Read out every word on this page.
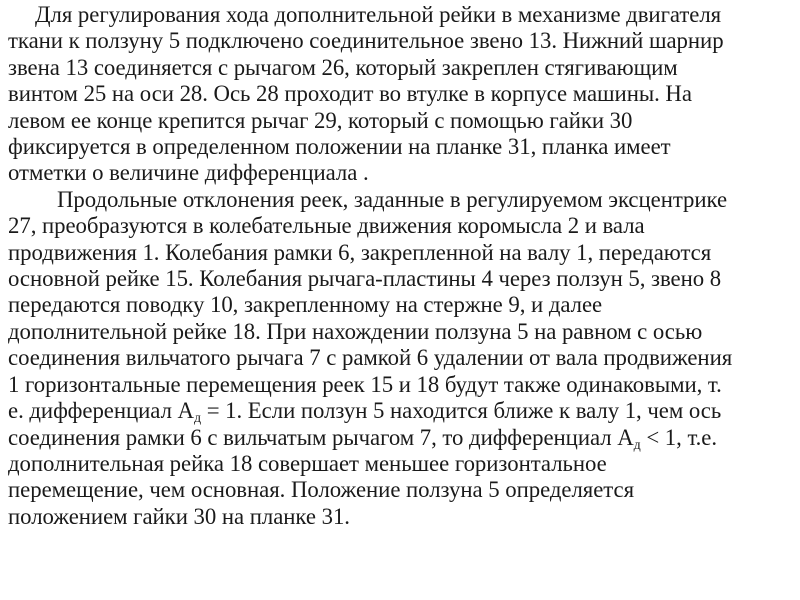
Для регулирования хода дополнительной рейки в механизме двигателя
ткани к ползуну 5 подключено соединительное звено 13. Нижний шарнир
звена 13 соединяется с рычагом 26, который закреплен стягивающим
винтом 25 на оси 28. Ось 28 проходит во втулке в корпусе машины. На
левом ее конце крепится рычаг 29, который с помощью гайки 30
фиксируется в определенном положении на планке 31, планка имеет
отметки о величине дифференциала .

Продольные отклонения реек, заданные в регулируемом эксцентрике
27, преобразуются в колебательные движения коромысла 2 и вала
продвижения 1. Колебания рамки 6, закрепленной на валу 1, передаются
основной рейке 15. Колебания рычага-пластины 4 через ползун 5, звено 8
передаются поводку 10, закрепленному на стержне 9, и далее
дополнительной рейке 18. При нахождении ползуна 5 на равном с осью
соединения вильчатого рычага 7 с рамкой 6 удалении от вала продвижения
1 горизонтальные перемещения реек 15 и 18 будут также одинаковыми, т.
е. дифференциал $А_д = 1$. Если ползун 5 находится ближе к валу 1, чем ось
соединения рамки 6 с вильчатым рычагом 7, то дифференциал $А_д < 1$, т.е.
дополнительная рейка 18 совершает меньшее горизонтальное
перемещение, чем основная. Положение ползуна 5 определяется
положением гайки 30 на планке 31.
